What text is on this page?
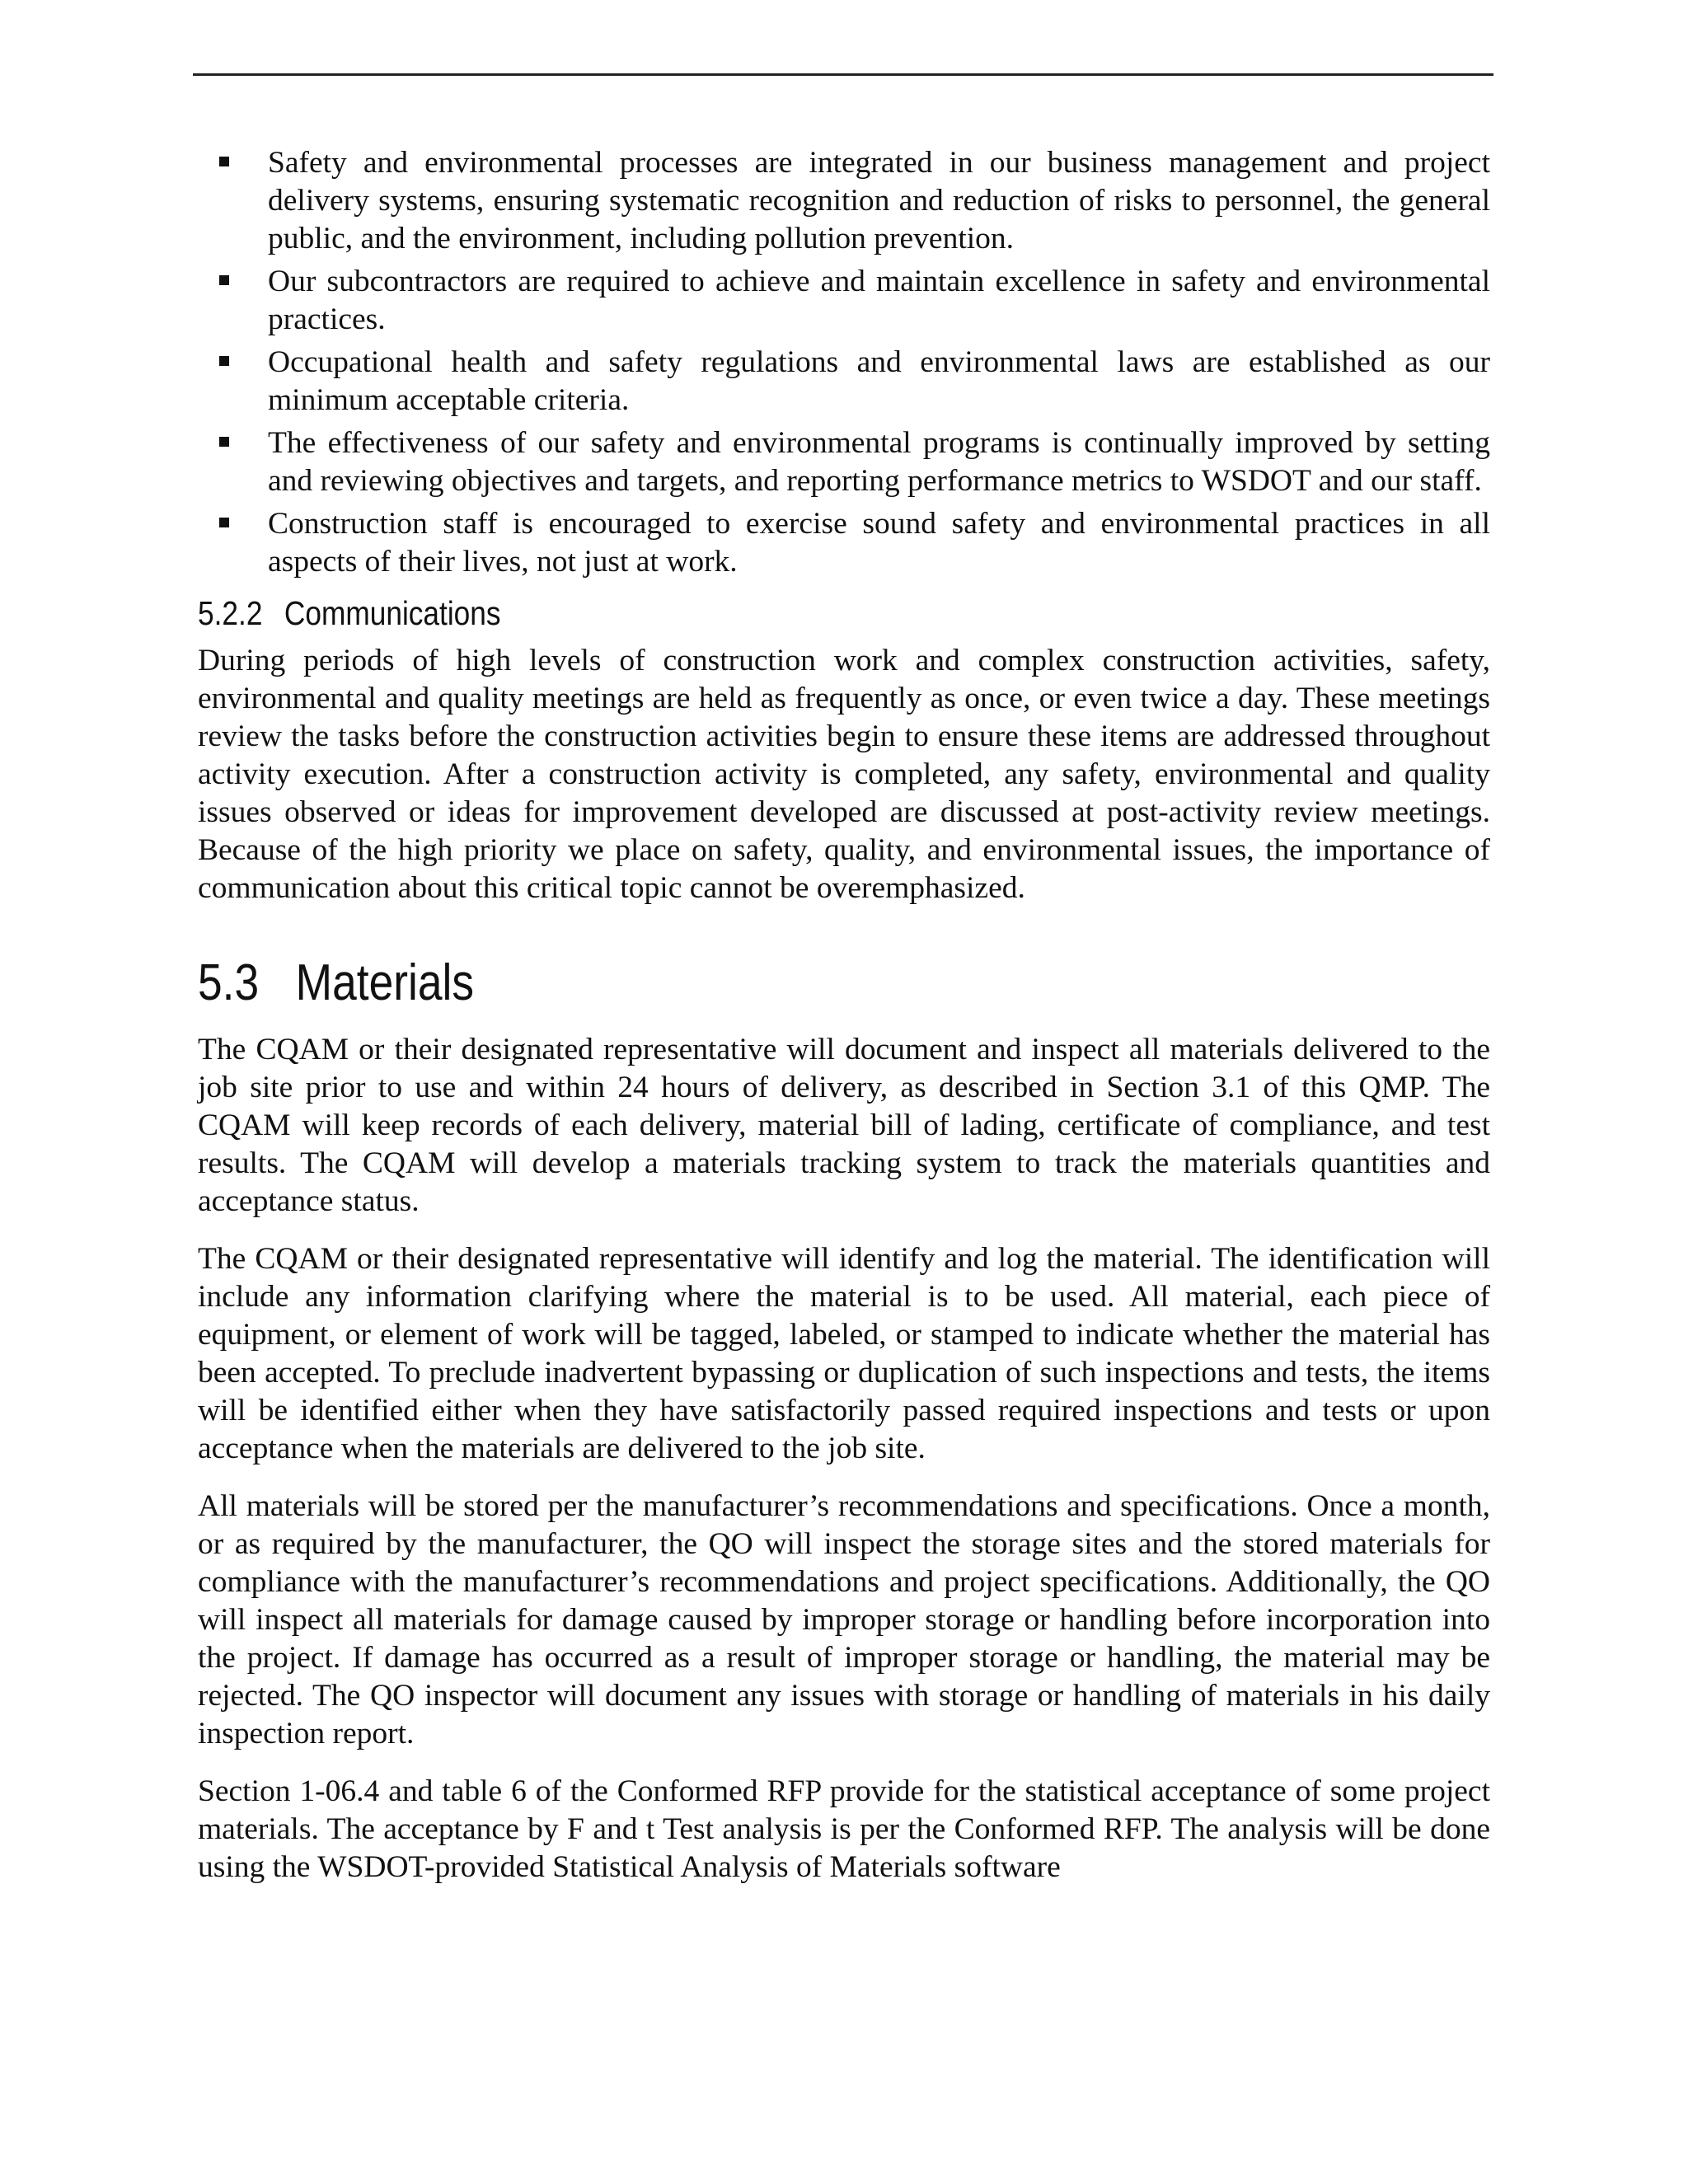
Safety and environmental processes are integrated in our business management and project delivery systems, ensuring systematic recognition and reduction of risks to personnel, the general public, and the environment, including pollution prevention.
Our subcontractors are required to achieve and maintain excellence in safety and environmental practices.
Occupational health and safety regulations and environmental laws are established as our minimum acceptable criteria.
The effectiveness of our safety and environmental programs is continually improved by setting and reviewing objectives and targets, and reporting performance metrics to WSDOT and our staff.
Construction staff is encouraged to exercise sound safety and environmental practices in all aspects of their lives, not just at work.
5.2.2 Communications

During periods of high levels of construction work and complex construction activities, safety, environmental and quality meetings are held as frequently as once, or even twice a day. These meetings review the tasks before the construction activities begin to ensure these items are addressed throughout activity execution. After a construction activity is completed, any safety, environmental and quality issues observed or ideas for improvement developed are discussed at post-activity review meetings. Because of the high priority we place on safety, quality, and environmental issues, the importance of communication about this critical topic cannot be overemphasized.

5.3 Materials

The CQAM or their designated representative will document and inspect all materials delivered to the job site prior to use and within 24 hours of delivery, as described in Section 3.1 of this QMP. The CQAM will keep records of each delivery, material bill of lading, certificate of compliance, and test results. The CQAM will develop a materials tracking system to track the materials quantities and acceptance status.

The CQAM or their designated representative will identify and log the material. The identification will include any information clarifying where the material is to be used. All material, each piece of equipment, or element of work will be tagged, labeled, or stamped to indicate whether the material has been accepted. To preclude inadvertent bypassing or duplication of such inspections and tests, the items will be identified either when they have satisfactorily passed required inspections and tests or upon acceptance when the materials are delivered to the job site.

All materials will be stored per the manufacturer’s recommendations and specifications. Once a month, or as required by the manufacturer, the QO will inspect the storage sites and the stored materials for compliance with the manufacturer’s recommendations and project specifications. Additionally, the QO will inspect all materials for damage caused by improper storage or handling before incorporation into the project. If damage has occurred as a result of improper storage or handling, the material may be rejected. The QO inspector will document any issues with storage or handling of materials in his daily inspection report.

Section 1-06.4 and table 6 of the Conformed RFP provide for the statistical acceptance of some project materials. The acceptance by F and t Test analysis is per the Conformed RFP. The analysis will be done using the WSDOT-provided Statistical Analysis of Materials software
